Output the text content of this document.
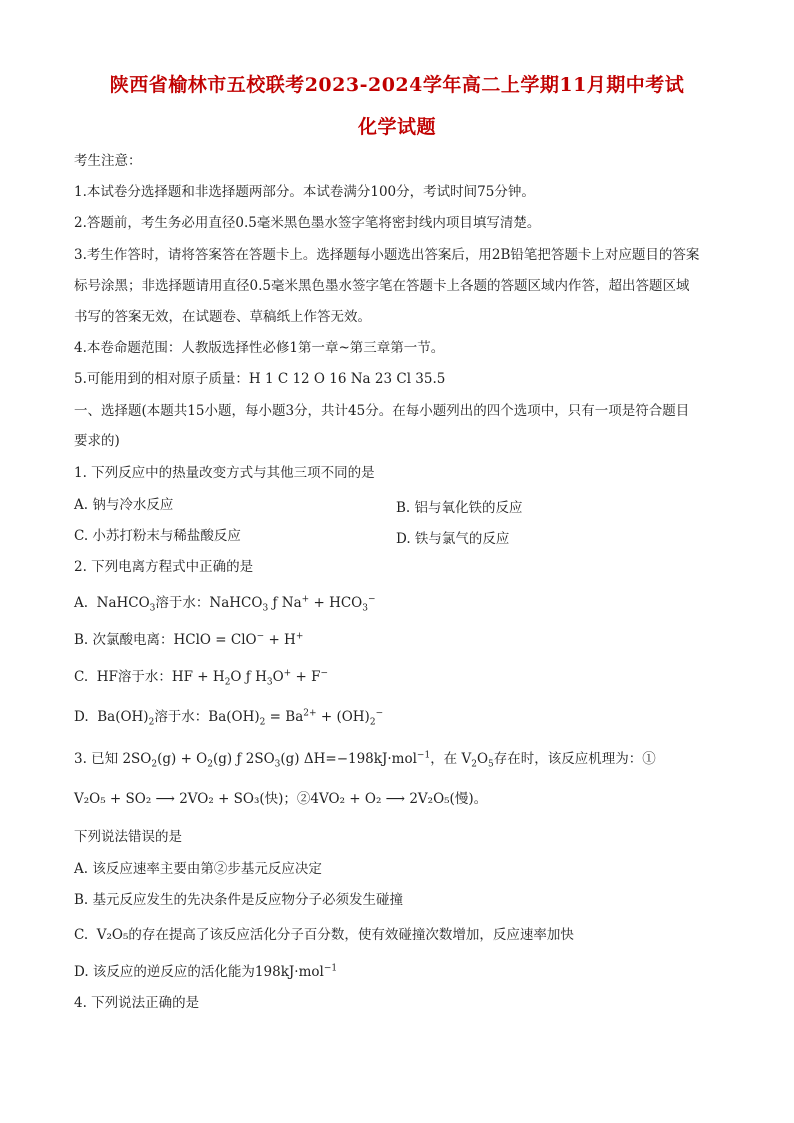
陕西省榆林市五校联考2023-2024学年高二上学期11月期中考试
化学试题
考生注意：
1.本试卷分选择题和非选择题两部分。本试卷满分100分，考试时间75分钟。
2.答题前，考生务必用直径0.5毫米黑色墨水签字笔将密封线内项目填写清楚。
3.考生作答时，请将答案答在答题卡上。选择题每小题选出答案后，用2B铅笔把答题卡上对应题目的答案
标号涂黑；非选择题请用直径0.5毫米黑色墨水签字笔在答题卡上各题的答题区域内作答，超出答题区域
书写的答案无效，在试题卷、草稿纸上作答无效。
4.本卷命题范围：人教版选择性必修1第一章~第三章第一节。
5.可能用到的相对原子质量：H 1 C 12 O 16 Na 23 Cl 35.5
一、选择题(本题共15小题，每小题3分，共计45分。在每小题列出的四个选项中，只有一项是符合题目
要求的)
1. 下列反应中的热量改变方式与其他三项不同的是
A. 钠与冷水反应	B. 铝与氧化铁的反应
C. 小苏打粉末与稀盐酸反应	D. 铁与氯气的反应
2. 下列电离方程式中正确的是
A. NaHCO$_3$溶于水：NaHCO$_3$ ƒ $Na^+ + HCO_3^-$
B. 次氯酸电离：HClO = ClO− + H+
C. HF溶于水：HF + $H_2O$ ƒ $H_3O^+ + F^-$
D. $Ba(OH)_2$溶于水：$Ba(OH)_2 = Ba^{2+} + (OH)_2^-$
3. 已知 $2SO_2(g) + O_2(g)$ ƒ $2SO_3(g)$ ΔH=−198kJ·mol$^{-1}$，在 $V_2O_5$存在时，该反应机理为：①
V₂O₅ + SO₂ ⟶ 2VO₂ + SO₃(快)；②4VO₂ + O₂ ⟶ 2V₂O₅(慢)。
下列说法错误的是
A. 该反应速率主要由第②步基元反应决定
B. 基元反应发生的先决条件是反应物分子必须发生碰撞
C. V₂O₅的存在提高了该反应活化分子百分数，使有效碰撞次数增加，反应速率加快
D. 该反应的逆反应的活化能为198kJ·mol$^{-1}$
4. 下列说法正确的是
